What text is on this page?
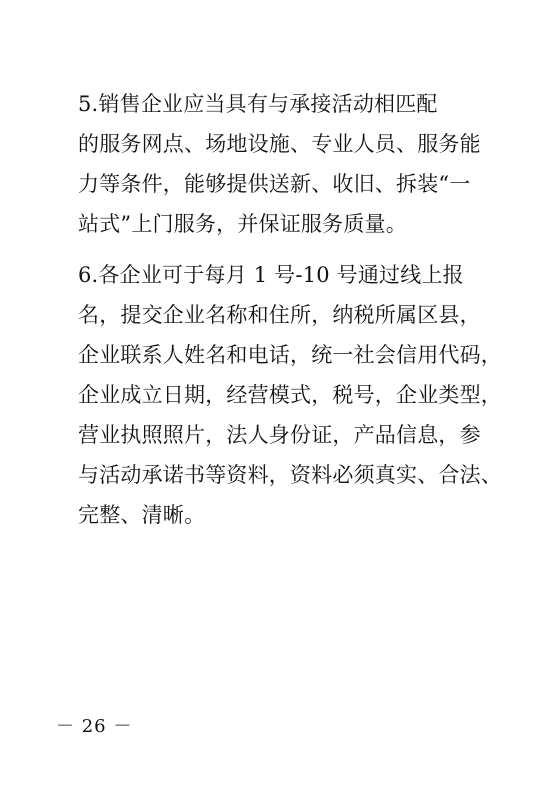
5.销售企业应当具有与承接活动相匹配
的服务网点、场地设施、专业人员、服务能
力等条件，能够提供送新、收旧、拆装“一
站式”上门服务，并保证服务质量。
6.各企业可于每月 1 号-10 号通过线上报
名，提交企业名称和住所，纳税所属区县，
企业联系人姓名和电话，统一社会信用代码，
企业成立日期，经营模式，税号，企业类型，
营业执照照片，法人身份证，产品信息，参
与活动承诺书等资料，资料必须真实、合法、
完整、清晰。
－ 26 －
